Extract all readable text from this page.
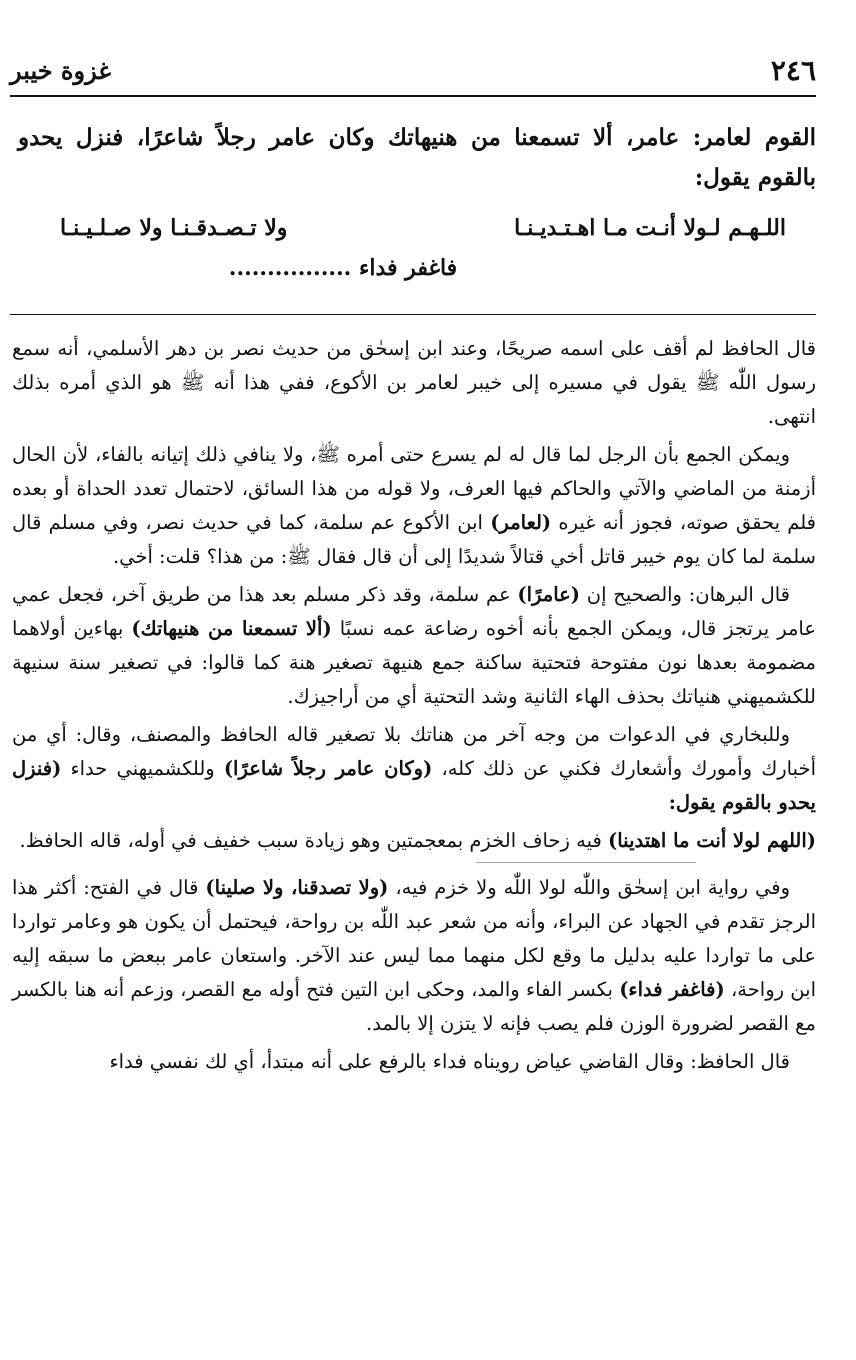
٢٤٦
غزوة خيبر
القوم لعامر: عامر، ألا تسمعنا من هنيهاتك وكان عامر رجلاً شاعرًا، فنزل يحدو بالقوم يقول:
اللـهـم لـولا أنـت مـا اهـتـديـنـا
ولا تـصـدقـنـا ولا صـلـيـنـا
فاغفر فداء ................

قال الحافظ لم أقف على اسمه صريحًا، وعند ابن إسحٰق من حديث نصر بن دهر الأسلمي، أنه سمع رسول اللّٰه ﷺ يقول في مسيره إلى خيبر لعامر بن الأكوع، ففي هذا أنه ﷺ هو الذي أمره بذلك انتهى.

ويمكن الجمع بأن الرجل لما قال له لم يسرع حتى أمره ﷺ، ولا ينافي ذلك إتيانه بالفاء، لأن الحال أزمنة من الماضي والآتي والحاكم فيها العرف، ولا قوله من هذا السائق، لاحتمال تعدد الحداة أو بعده فلم يحقق صوته، فجوز أنه غيره (لعامر) ابن الأكوع عم سلمة، كما في حديث نصر، وفي مسلم قال سلمة لما كان يوم خيبر قاتل أخي قتالاً شديدًا إلى أن قال فقال ﷺ: من هذا؟ قلت: أخي.

قال البرهان: والصحيح إن (عامرًا) عم سلمة، وقد ذكر مسلم بعد هذا من طريق آخر، فجعل عمي عامر يرتجز قال، ويمكن الجمع بأنه أخوه رضاعة عمه نسبًا (ألا تسمعنا من هنيهاتك) بهاءين أولاهما مضمومة بعدها نون مفتوحة فتحتية ساكنة جمع هنيهة تصغير هنة كما قالوا: في تصغير سنة سنيهة للكشميهني هنياتك بحذف الهاء الثانية وشد التحتية أي من أراجيزك.

وللبخاري في الدعوات من وجه آخر من هناتك بلا تصغير قاله الحافظ والمصنف، وقال: أي من أخبارك وأمورك وأشعارك فكني عن ذلك كله، (وكان عامر رجلاً شاعرًا) وللكشميهني حداء (فنزل يحدو بالقوم يقول:

(اللهم لولا أنت ما اهتدينا) فيه زحاف الخزم بمعجمتين وهو زيادة سبب خفيف في أوله، قاله الحافظ.

وفي رواية ابن إسحٰق واللّٰه لولا اللّٰه ولا خزم فيه، (ولا تصدقنا، ولا صلينا) قال في الفتح: أكثر هذا الرجز تقدم في الجهاد عن البراء، وأنه من شعر عبد اللّٰه بن رواحة، فيحتمل أن يكون هو وعامر تواردا على ما تواردا عليه بدليل ما وقع لكل منهما مما ليس عند الآخر. واستعان عامر ببعض ما سبقه إليه ابن رواحة، (فاغفر فداء) بكسر الفاء والمد، وحكى ابن التين فتح أوله مع القصر، وزعم أنه هنا بالكسر مع القصر لضرورة الوزن فلم يصب فإنه لا يتزن إلا بالمد.

قال الحافظ: وقال القاضي عياض رويناه فداء بالرفع على أنه مبتدأ، أي لك نفسي فداء
